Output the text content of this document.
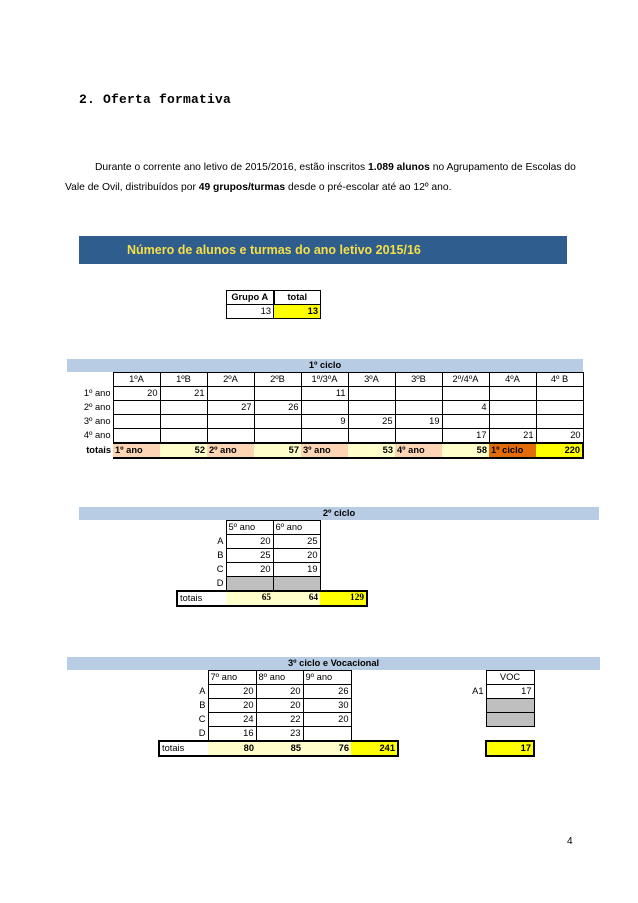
2. Oferta formativa

Durante o corrente ano letivo de 2015/2016, estão inscritos 1.089 alunos no Agrupamento de Escolas do Vale de Ovil, distribuídos por 49 grupos/turmas desde o pré-escolar até ao 12º ano.

Número de alunos e turmas do ano letivo 2015/16
Grupo A	total
13	13
1º ciclo										
	1ºA	1ºB	2ºA	2ºB	1º/3ºA	3ºA	3ºB	2º/4ºA	4ºA	4º B
1º ano	20	21			11					
2º ano			27	26				4		
3º ano					9	25	19			
4º ano								17	21	20
totais	1º ano	52	2º ano	57	3º ano	53	4º ano	58	1º ciclo	220
2º ciclo						
		5º ano	6º ano			
	A	20	25			
	B	25	20			
	C	20	19			
	D					
	totais	65	64	129		
3º ciclo e Vocacional									
		7º ano	8º ano	9º ano				VOC	
	A	20	20	26			A1	17	
	B	20	20	30					
	C	24	22	20					
	D	16	23						
	totais	80	85	76	241			17	
4
